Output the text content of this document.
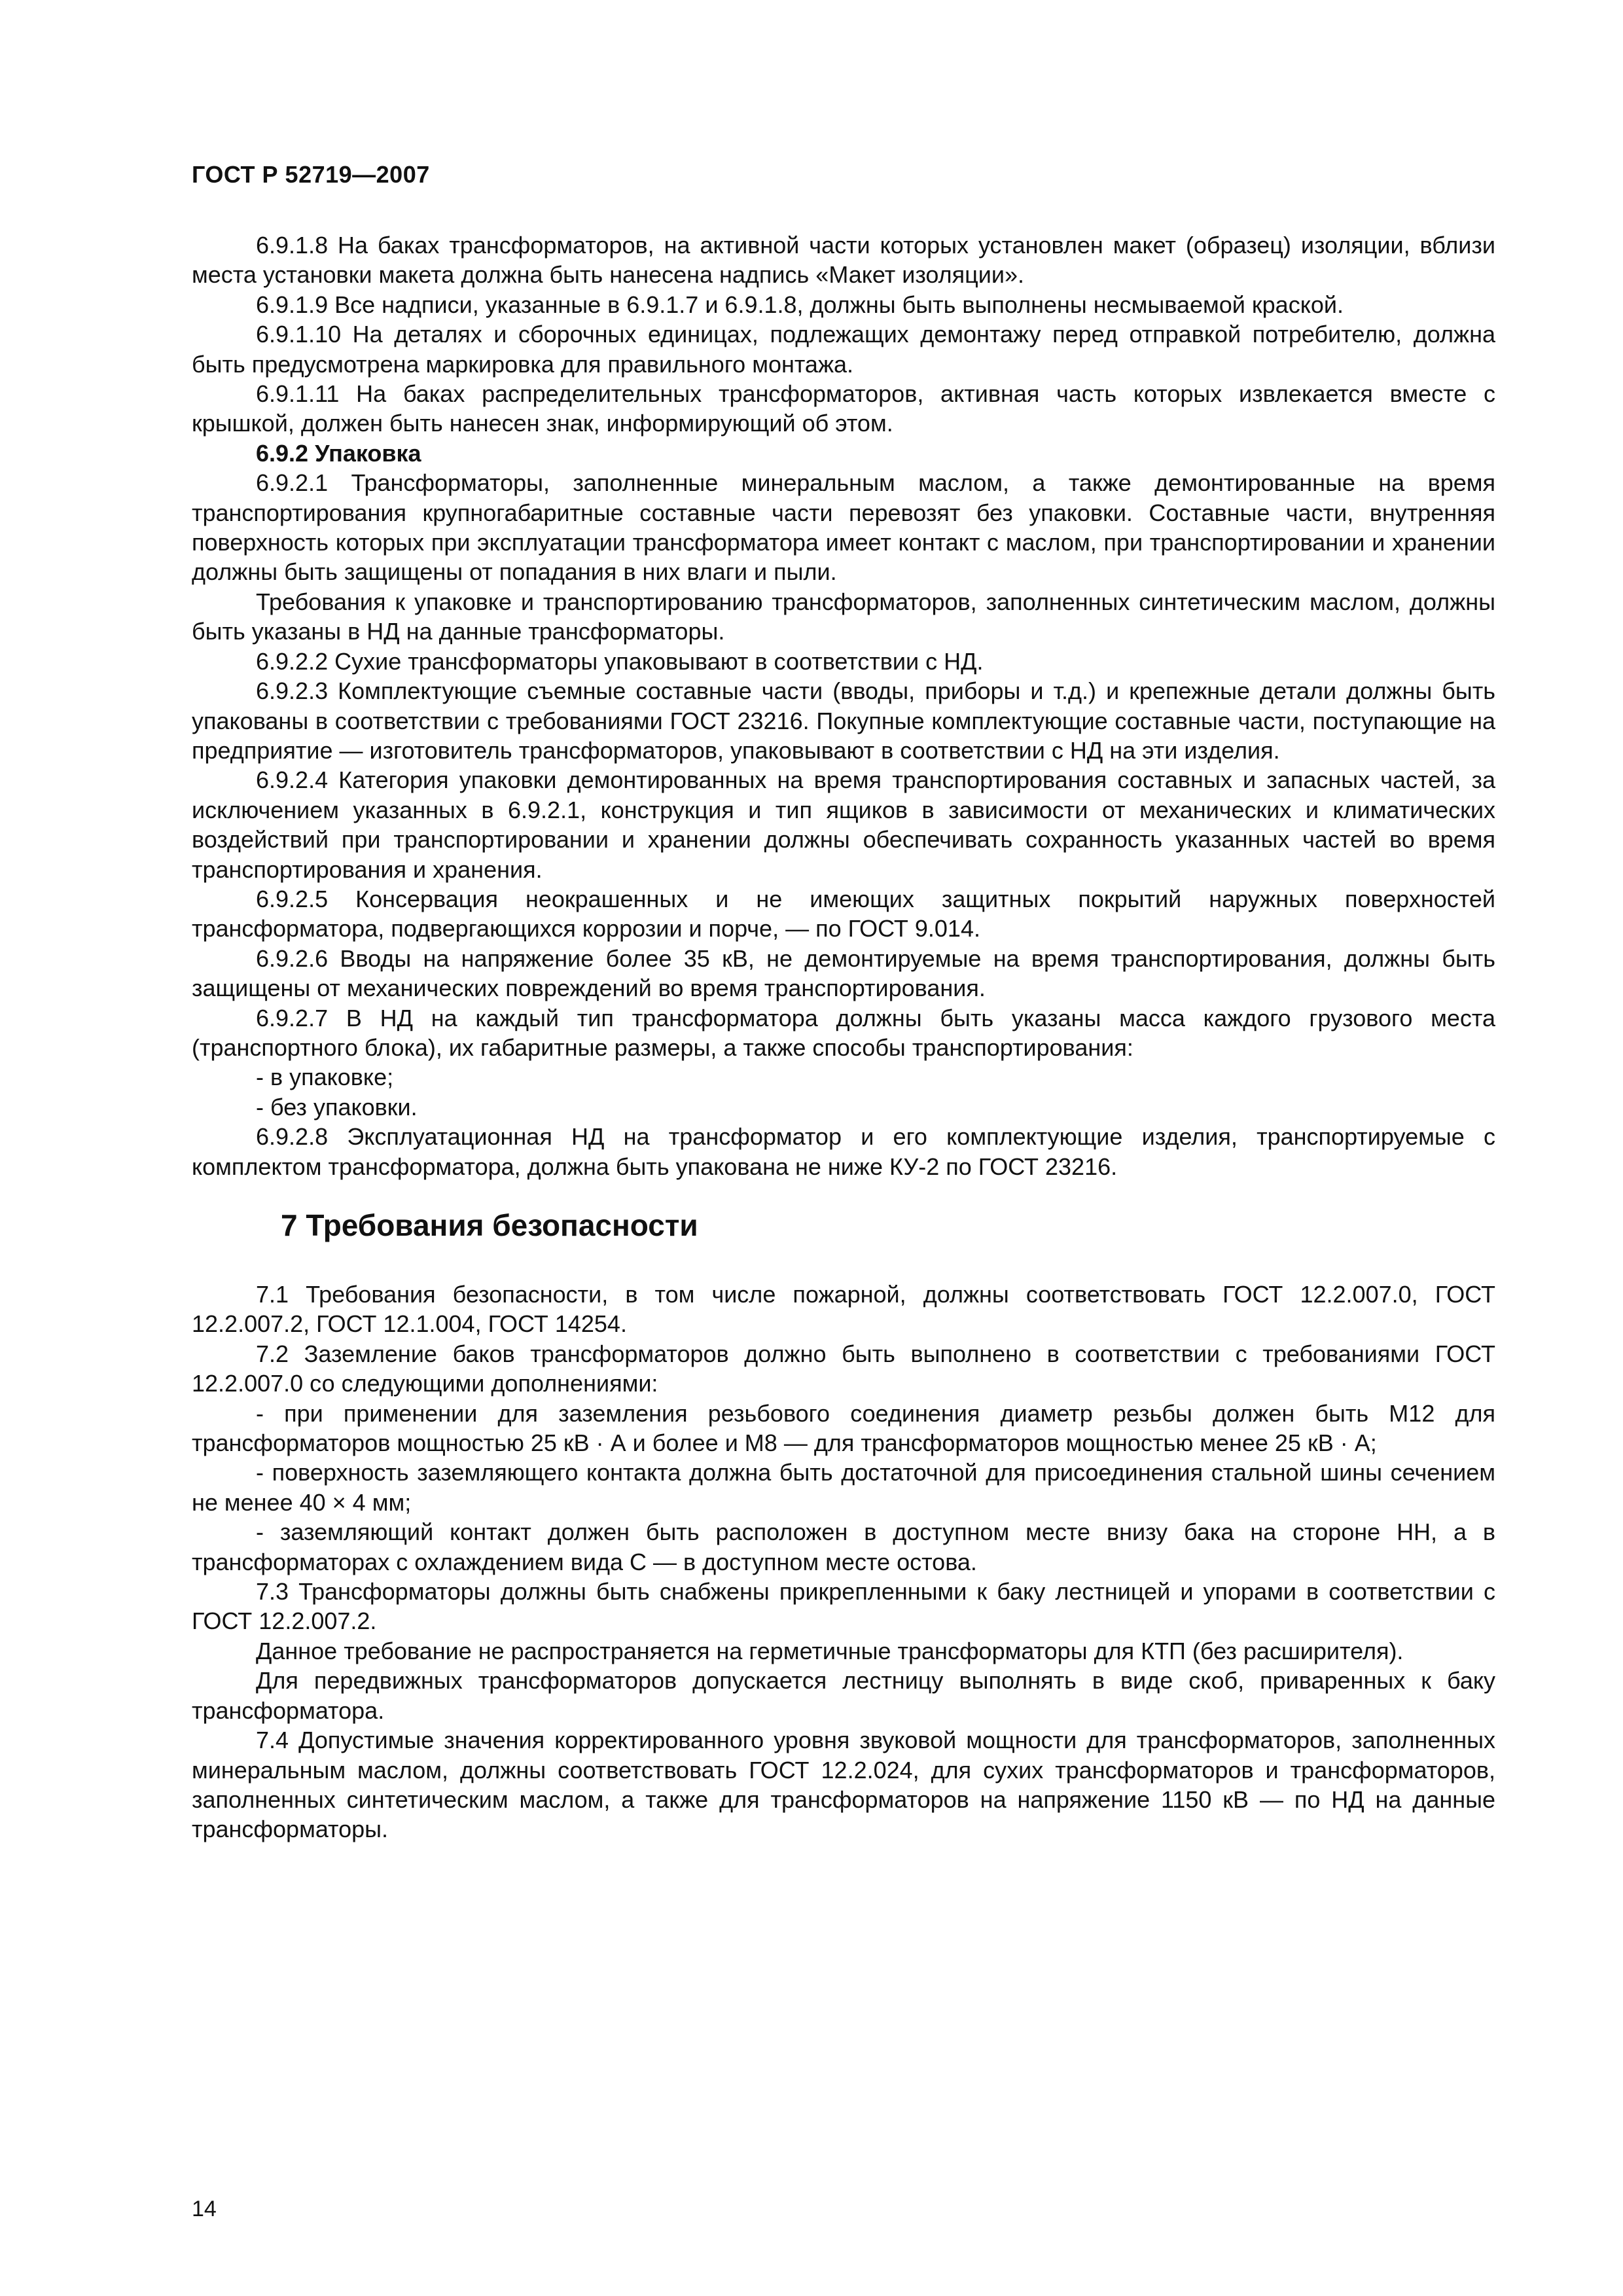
ГОСТ Р 52719—2007

6.9.1.8 На баках трансформаторов, на активной части которых установлен макет (образец) изоляции, вблизи места установки макета должна быть нанесена надпись «Макет изоляции».

6.9.1.9 Все надписи, указанные в 6.9.1.7 и 6.9.1.8, должны быть выполнены несмываемой краской.

6.9.1.10 На деталях и сборочных единицах, подлежащих демонтажу перед отправкой потребителю, должна быть предусмотрена маркировка для правильного монтажа.

6.9.1.11 На баках распределительных трансформаторов, активная часть которых извлекается вместе с крышкой, должен быть нанесен знак, информирующий об этом.

6.9.2 Упаковка

6.9.2.1 Трансформаторы, заполненные минеральным маслом, а также демонтированные на время транспортирования крупногабаритные составные части перевозят без упаковки. Составные части, внутренняя поверхность которых при эксплуатации трансформатора имеет контакт с маслом, при транспортировании и хранении должны быть защищены от попадания в них влаги и пыли.

Требования к упаковке и транспортированию трансформаторов, заполненных синтетическим маслом, должны быть указаны в НД на данные трансформаторы.

6.9.2.2 Сухие трансформаторы упаковывают в соответствии с НД.

6.9.2.3 Комплектующие съемные составные части (вводы, приборы и т.д.) и крепежные детали должны быть упакованы в соответствии с требованиями ГОСТ 23216. Покупные комплектующие составные части, поступающие на предприятие — изготовитель трансформаторов, упаковывают в соответствии с НД на эти изделия.

6.9.2.4 Категория упаковки демонтированных на время транспортирования составных и запасных частей, за исключением указанных в 6.9.2.1, конструкция и тип ящиков в зависимости от механических и климатических воздействий при транспортировании и хранении должны обеспечивать сохранность указанных частей во время транспортирования и хранения.

6.9.2.5 Консервация неокрашенных и не имеющих защитных покрытий наружных поверхностей трансформатора, подвергающихся коррозии и порче, — по ГОСТ 9.014.

6.9.2.6 Вводы на напряжение более 35 кВ, не демонтируемые на время транспортирования, должны быть защищены от механических повреждений во время транспортирования.

6.9.2.7 В НД на каждый тип трансформатора должны быть указаны масса каждого грузового места (транспортного блока), их габаритные размеры, а также способы транспортирования:

- в упаковке;

- без упаковки.

6.9.2.8 Эксплуатационная НД на трансформатор и его комплектующие изделия, транспортируемые с комплектом трансформатора, должна быть упакована не ниже КУ-2 по ГОСТ 23216.

7 Требования безопасности

7.1 Требования безопасности, в том числе пожарной, должны соответствовать ГОСТ 12.2.007.0, ГОСТ 12.2.007.2, ГОСТ 12.1.004, ГОСТ 14254.

7.2 Заземление баков трансформаторов должно быть выполнено в соответствии с требованиями ГОСТ 12.2.007.0 со следующими дополнениями:

- при применении для заземления резьбового соединения диаметр резьбы должен быть М12 для трансформаторов мощностью 25 кВ · А и более и М8 — для трансформаторов мощностью менее 25 кВ · А;

- поверхность заземляющего контакта должна быть достаточной для присоединения стальной шины сечением не менее 40 × 4 мм;

- заземляющий контакт должен быть расположен в доступном месте внизу бака на стороне НН, а в трансформаторах с охлаждением вида С — в доступном месте остова.

7.3 Трансформаторы должны быть снабжены прикрепленными к баку лестницей и упорами в соответствии с ГОСТ 12.2.007.2.

Данное требование не распространяется на герметичные трансформаторы для КТП (без расширителя).

Для передвижных трансформаторов допускается лестницу выполнять в виде скоб, приваренных к баку трансформатора.

7.4 Допустимые значения корректированного уровня звуковой мощности для трансформаторов, заполненных минеральным маслом, должны соответствовать ГОСТ 12.2.024, для сухих трансформаторов и трансформаторов, заполненных синтетическим маслом, а также для трансформаторов на напряжение 1150 кВ — по НД на данные трансформаторы.

14
